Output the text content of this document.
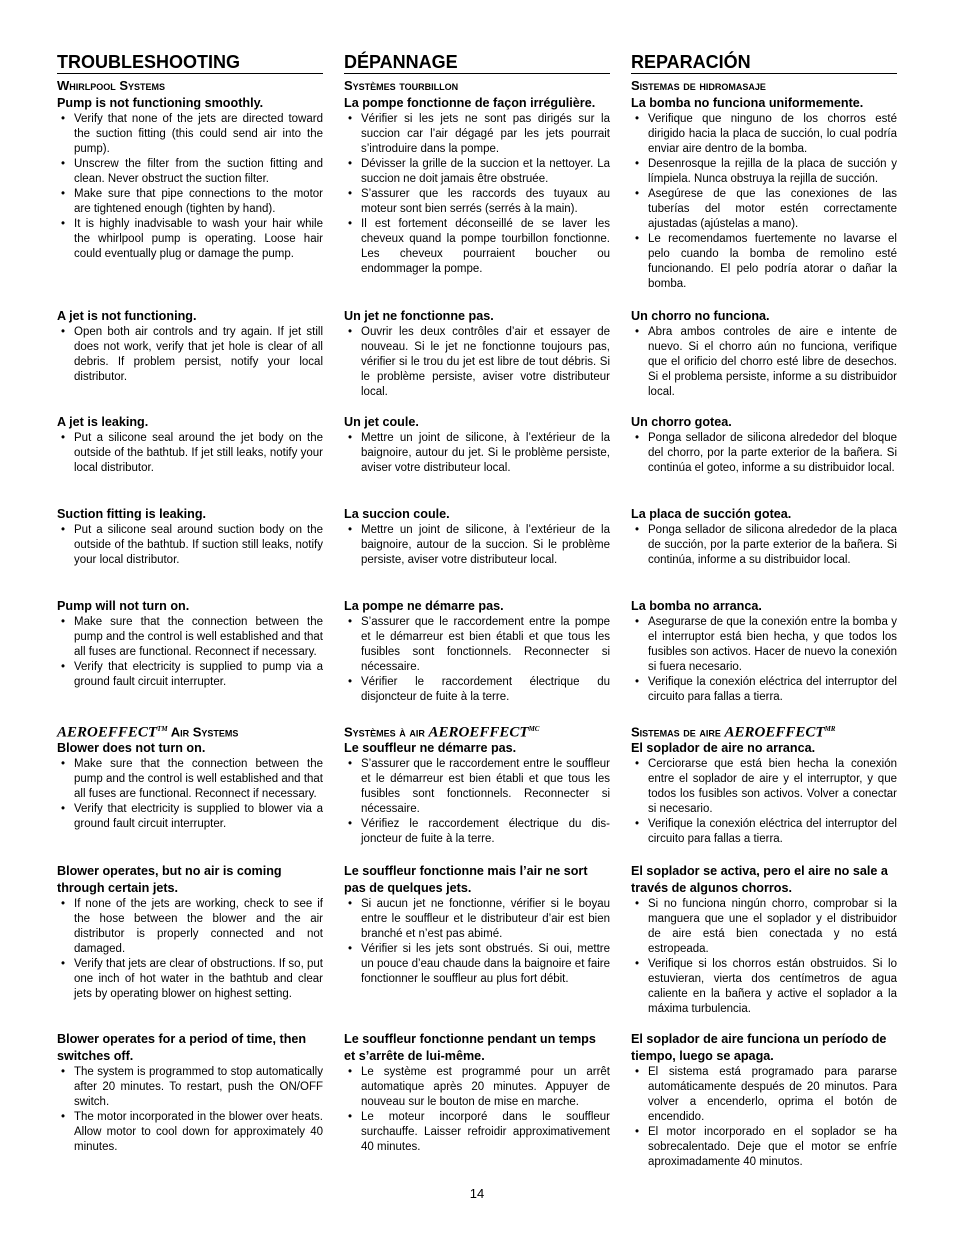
TROUBLESHOOTING
Whirlpool Systems
AEROEFFECT™ Air Systems

Pump is not functioning smoothly.

• Verify that none of the jets are directed toward the suction fitting (this could send air into the pump).
• Unscrew the filter from the suction fitting and clean. Never obstruct the suction filter.
• Make sure that pipe connections to the motor are tightened enough (tighten by hand).
• It is highly inadvisable to wash your hair while the whirlpool pump is operating. Loose hair could eventually plug or damage the pump.

A jet is not functioning.

• Open both air controls and try again. If jet still does not work, verify that jet hole is clear of all debris. If problem persist, notify your local distributor.

A jet is leaking.

• Put a silicone seal around the jet body on the outside of the bathtub. If jet still leaks, notify your local distributor.

Suction fitting is leaking.

• Put a silicone seal around suction body on the outside of the bathtub. If suction still leaks, notify your local distributor.

Pump will not turn on.

• Make sure that the connection between the pump and the control is well established and that all fuses are functional. Reconnect if necessary.
• Verify that electricity is supplied to pump via a ground fault circuit interrupter.

Blower does not turn on.

• Make sure that the connection between the pump and the control is well established and that all fuses are functional. Reconnect if necessary.
• Verify that electricity is supplied to blower via a ground fault circuit interrupter.

Blower operates, but no air is coming through certain jets.

• If none of the jets are working, check to see if the hose between the blower and the air distributor is properly connected and not damaged.
• Verify that jets are clear of obstructions. If so, put one inch of hot water in the bathtub and clear jets by operating blower on highest setting.

Blower operates for a period of time, then switches off.

• The system is programmed to stop automatically after 20 minutes. To restart, push the ON/OFF switch.
• The motor incorporated in the blower over heats. Allow motor to cool down for approximately 40 minutes.
DÉPANNAGE
Systèmes tourbillon
Systèmes à air $AEROEFFECT^{MC}$

La pompe fonctionne de façon irrégulière.

• Vérifier si les jets ne sont pas dirigés sur la succion car l’air dégagé par les jets pourrait s’introduire dans la pompe.
• Dévisser la grille de la succion et la nettoyer. La succion ne doit jamais être obstruée.
• S’assurer que les raccords des tuyaux au moteur sont bien serrés (serrés à la main).
• Il est fortement déconseillé de se laver les cheveux quand la pompe tourbillon fonctionne. Les cheveux pourraient boucher ou endommager la pompe.

Un jet ne fonctionne pas.

• Ouvrir les deux contrôles d’air et essayer de nouveau. Si le jet ne fonctionne toujours pas, vérifier si le trou du jet est libre de tout débris. Si le problème persiste, aviser votre distributeur local.

Un jet coule.

• Mettre un joint de silicone, à l’extérieur de la baignoire, autour du jet. Si le problème persiste, aviser votre distributeur local.

La succion coule.

• Mettre un joint de silicone, à l’extérieur de la baignoire, autour de la succion. Si le problème persiste, aviser votre distributeur local.

La pompe ne démarre pas.

• S’assurer que le raccordement entre la pompe et le démarreur est bien établi et que tous les fusibles sont fonctionnels. Reconnecter si nécessaire.
• Vérifier le raccordement électrique du disjoncteur de fuite à la terre.

Le souffleur ne démarre pas.

• S’assurer que le raccordement entre le souffleur et le démarreur est bien établi et que tous les fusibles sont fonctionnels. Reconnecter si nécessaire.
• Vérifiez le raccordement électrique du dis-joncteur de fuite à la terre.

Le souffleur fonctionne mais l’air ne sort pas de quelques jets.

• Si aucun jet ne fonctionne, vérifier si le boyau entre le souffleur et le distributeur d’air est bien branché et n’est pas abimé.
• Vérifier si les jets sont obstrués. Si oui, mettre un pouce d’eau chaude dans la baignoire et faire fonctionner le souffleur au plus fort débit.

Le souffleur fonctionne pendant un temps et s’arrête de lui-même.

• Le système est programmé pour un arrêt automatique après 20 minutes. Appuyer de nouveau sur le bouton de mise en marche.
• Le moteur incorporé dans le souffleur surchauffe. Laisser refroidir approximativement 40 minutes.
REPARACIÓN
Sistemas de hidromasaje
Sistemas de aire $AEROEFFECT^{MR}$

La bomba no funciona uniformemente.

• Verifique que ninguno de los chorros esté dirigido hacia la placa de succión, lo cual podría enviar aire dentro de la bomba.
• Desenrosque la rejilla de la placa de succión y límpiela. Nunca obstruya la rejilla de succión.
• Asegúrese de que las conexiones de las tuberías del motor estén correctamente ajustadas (ajústelas a mano).
• Le recomendamos fuertemente no lavarse el pelo cuando la bomba de remolino esté funcionando. El pelo podría atorar o dañar la bomba.

Un chorro no funciona.

• Abra ambos controles de aire e intente de nuevo. Si el chorro aún no funciona, verifique que el orificio del chorro esté libre de desechos. Si el problema persiste, informe a su distribuidor local.

Un chorro gotea.

• Ponga sellador de silicona alrededor del bloque del chorro, por la parte exterior de la bañera. Si continúa el goteo, informe a su distribuidor local.

La placa de succión gotea.

• Ponga sellador de silicona alrededor de la placa de succión, por la parte exterior de la bañera. Si continúa, informe a su distribuidor local.

La bomba no arranca.

• Asegurarse de que la conexión entre la bomba y el interruptor está bien hecha, y que todos los fusibles son activos. Hacer de nuevo la conexión si fuera necesario.
• Verifique la conexión eléctrica del interruptor del circuito para fallas a tierra.

El soplador de aire no arranca.

• Cerciorarse que está bien hecha la conexión entre el soplador de aire y el interruptor, y que todos los fusibles son activos. Volver a conectar si necesario.
• Verifique la conexión eléctrica del interruptor del circuito para fallas a tierra.

El soplador se activa, pero el aire no sale a través de algunos chorros.

• Si no funciona ningún chorro, comprobar si la manguera que une el soplador y el distribuidor de aire está bien conectada y no está estropeada.
• Verifique si los chorros están obstruidos. Si lo estuvieran, vierta dos centímetros de agua caliente en la bañera y active el soplador a la máxima turbulencia.

El soplador de aire funciona un período de tiempo, luego se apaga.

• El sistema está programado para pararse automáticamente después de 20 minutos. Para volver a encenderlo, oprima el botón de encendido.
• El motor incorporado en el soplador se ha sobrecalentado. Deje que el motor se enfríe aproximadamente 40 minutos.
14
